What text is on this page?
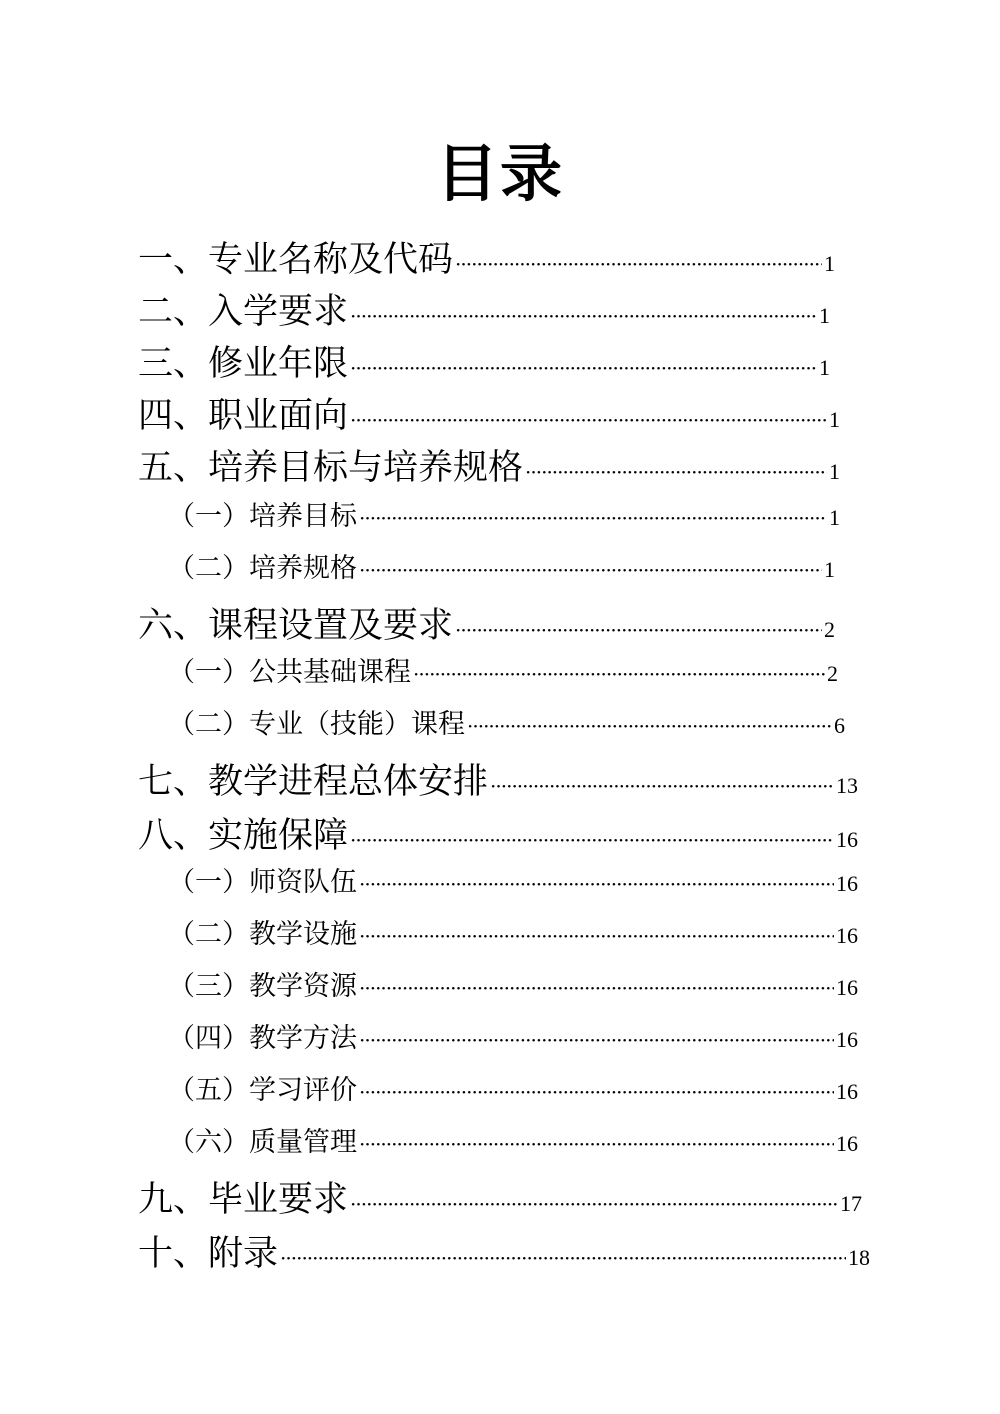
目录
一、专业名称及代码 ·····	1
二、入学要求 ·····	1
三、修业年限 ·····	1
四、职业面向 ·····	1
五、培养目标与培养规格 ·····	1
（一）培养目标 ·····	1
（二）培养规格 ·····	1
六、课程设置及要求 ·····	2
（一）公共基础课程 ·····	2
（二）专业（技能）课程 ·····	6
七、教学进程总体安排 ·····	13
八、实施保障 ·····	16
（一）师资队伍 ·····	16
（二）教学设施 ·····	16
（三）教学资源 ·····	16
（四）教学方法 ·····	16
（五）学习评价 ·····	16
（六）质量管理 ·····	16
九、毕业要求 ·····	17
十、附录 ·····	18
